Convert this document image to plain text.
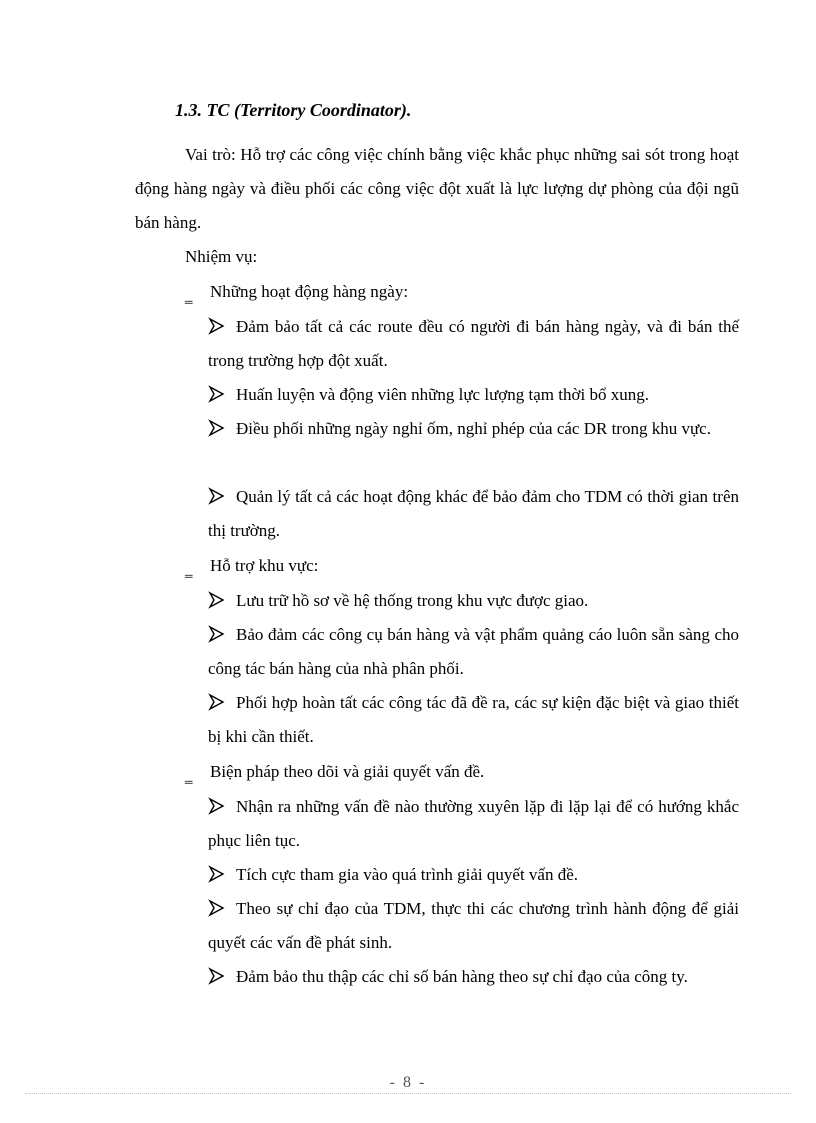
1.3. TC (Territory Coordinator).
Vai trò: Hỗ trợ các công việc chính bằng việc khắc phục những sai sót trong hoạt động hàng ngày và điều phối các công việc đột xuất là lực lượng dự phòng của đội ngũ bán hàng.
Nhiệm vụ:
‗ Những hoạt động hàng ngày:
Đảm bảo tất cả các route đều có người đi bán hàng ngày, và đi bán thế trong trường hợp đột xuất.
Huấn luyện và động viên những lực lượng tạm thời bổ xung.
Điều phối những ngày nghỉ ốm, nghỉ phép của các DR trong khu vực.
Quản lý tất cả các hoạt động khác để bảo đảm cho TDM có thời gian trên thị trường.
‗ Hỗ trợ khu vực:
Lưu trữ hồ sơ về hệ thống trong khu vực được giao.
Bảo đảm các công cụ bán hàng và vật phẩm quảng cáo luôn sẵn sàng cho công tác bán hàng của nhà phân phối.
Phối hợp hoàn tất các công tác đã đề ra, các sự kiện đặc biệt và giao thiết bị khi cần thiết.
‗ Biện pháp theo dõi và giải quyết vấn đề.
Nhận ra những vấn đề nào thường xuyên lặp đi lặp lại để có hướng khắc phục liên tục.
Tích cực tham gia vào quá trình giải quyết vấn đề.
Theo sự chỉ đạo của TDM, thực thi các chương trình hành động để giải quyết các vấn đề phát sinh.
Đảm bảo thu thập các chỉ số bán hàng theo sự chỉ đạo của công ty.
- 8 -
